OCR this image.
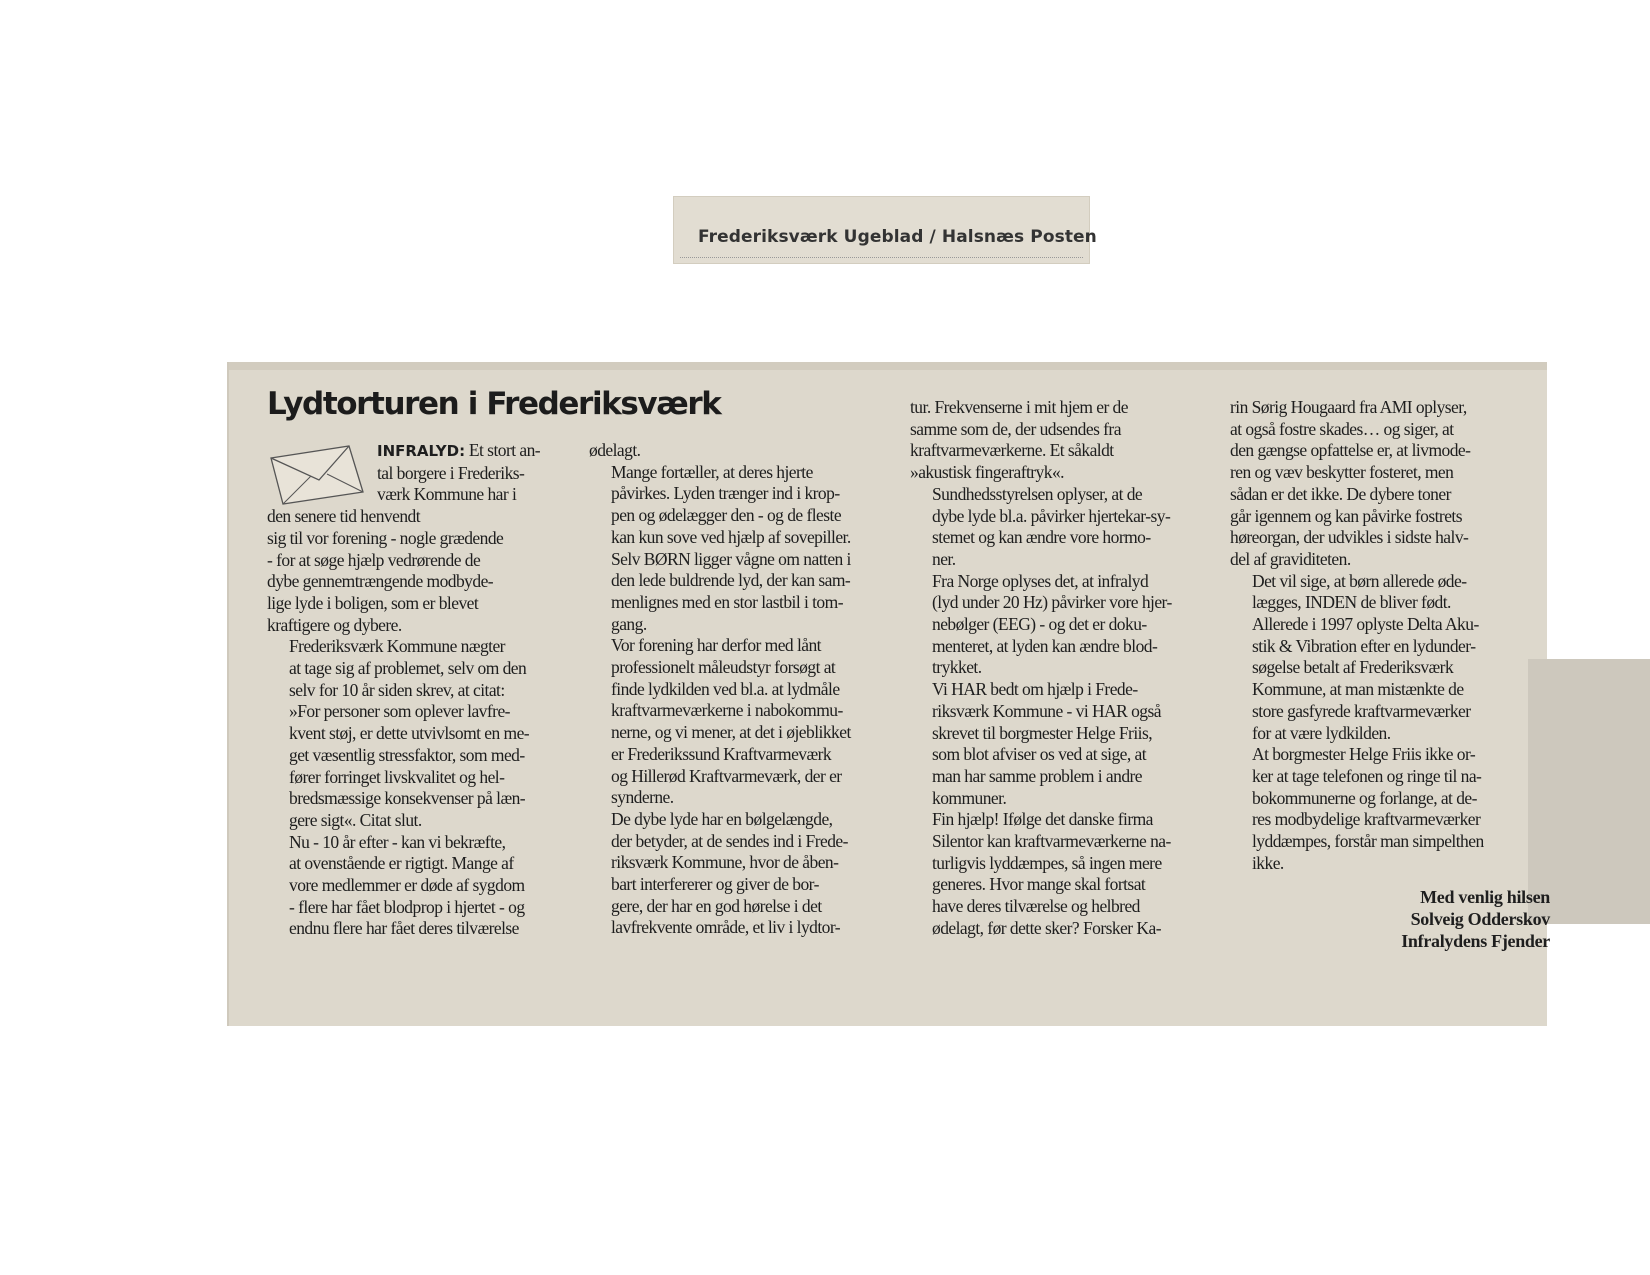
Frederiksværk Ugeblad / Halsnæs Posten
Lydtorturen i Frederiksværk

INFRALYD: Et stort an-
tal borgere i Frederiks-
værk Kommune har i
den senere tid henvendt
sig til vor forening - nogle grædende
- for at søge hjælp vedrørende de
dybe gennemtrængende modbyde-
lige lyde i boligen, som er blevet
kraftigere og dybere.

Frederiksværk Kommune nægter
at tage sig af problemet, selv om den
selv for 10 år siden skrev, at citat:
»For personer som oplever lavfre-
kvent støj, er dette utvivlsomt en me-
get væsentlig stressfaktor, som med-
fører forringet livskvalitet og hel-
bredsmæssige konsekvenser på læn-
gere sigt«. Citat slut.

Nu - 10 år efter - kan vi bekræfte,
at ovenstående er rigtigt. Mange af
vore medlemmer er døde af sygdom
- flere har fået blodprop i hjertet - og
endnu flere har fået deres tilværelse

ødelagt.

Mange fortæller, at deres hjerte
påvirkes. Lyden trænger ind i krop-
pen og ødelægger den - og de fleste
kan kun sove ved hjælp af sovepiller.
Selv BØRN ligger vågne om natten i
den lede buldrende lyd, der kan sam-
menlignes med en stor lastbil i tom-
gang.

Vor forening har derfor med lånt
professionelt måleudstyr forsøgt at
finde lydkilden ved bl.a. at lydmåle
kraftvarmeværkerne i nabokommu-
nerne, og vi mener, at det i øjeblikket
er Frederikssund Kraftvarmeværk
og Hillerød Kraftvarmeværk, der er
synderne.

De dybe lyde har en bølgelængde,
der betyder, at de sendes ind i Frede-
riksværk Kommune, hvor de åben-
bart interfererer og giver de bor-
gere, der har en god hørelse i det
lavfrekvente område, et liv i lydtor-

tur. Frekvenserne i mit hjem er de
samme som de, der udsendes fra
kraftvarmeværkerne. Et såkaldt
»akustisk fingeraftryk«.

Sundhedsstyrelsen oplyser, at de
dybe lyde bl.a. påvirker hjertekar-sy-
stemet og kan ændre vore hormo-
ner.

Fra Norge oplyses det, at infralyd
(lyd under 20 Hz) påvirker vore hjer-
nebølger (EEG) - og det er doku-
menteret, at lyden kan ændre blod-
trykket.

Vi HAR bedt om hjælp i Frede-
riksværk Kommune - vi HAR også
skrevet til borgmester Helge Friis,
som blot afviser os ved at sige, at
man har samme problem i andre
kommuner.

Fin hjælp! Ifølge det danske firma
Silentor kan kraftvarmeværkerne na-
turligvis lyddæmpes, så ingen mere
generes. Hvor mange skal fortsat
have deres tilværelse og helbred
ødelagt, før dette sker? Forsker Ka-

rin Sørig Hougaard fra AMI oplyser,
at også fostre skades… og siger, at
den gængse opfattelse er, at livmode-
ren og væv beskytter fosteret, men
sådan er det ikke. De dybere toner
går igennem og kan påvirke fostrets
høreorgan, der udvikles i sidste halv-
del af graviditeten.

Det vil sige, at børn allerede øde-
lægges, INDEN de bliver født.

Allerede i 1997 oplyste Delta Aku-
stik & Vibration efter en lydunder-
søgelse betalt af Frederiksværk
Kommune, at man mistænkte de
store gasfyrede kraftvarmeværker
for at være lydkilden.

At borgmester Helge Friis ikke or-
ker at tage telefonen og ringe til na-
bokommunerne og forlange, at de-
res modbydelige kraftvarmeværker
lyddæmpes, forstår man simpelthen
ikke.

Med venlig hilsen
Solveig Odderskov
Infralydens Fjender
